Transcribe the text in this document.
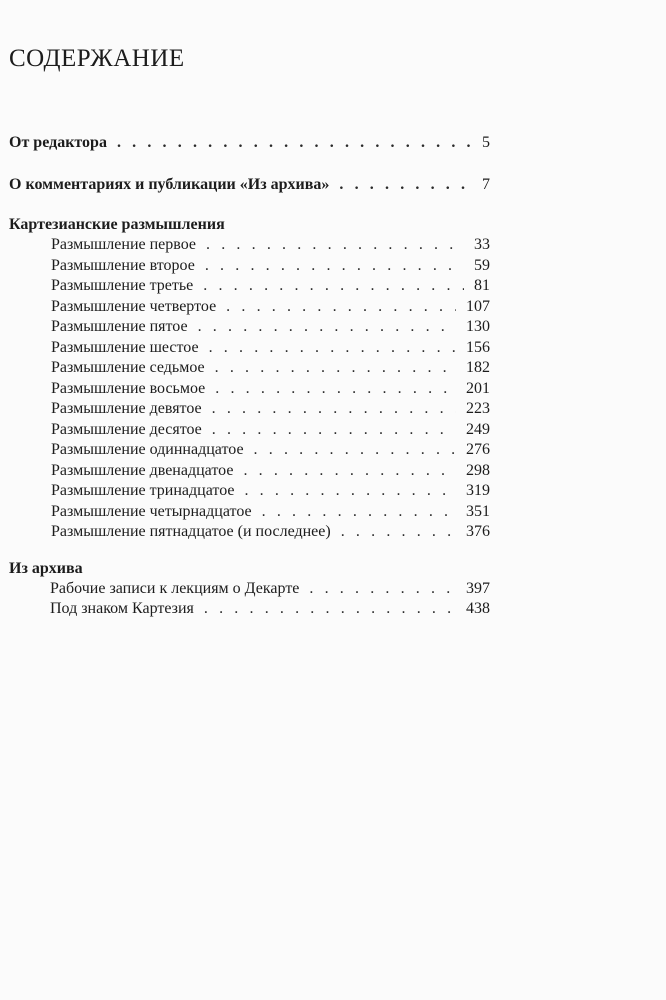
СОДЕРЖАНИЕ
От редактора . . .	5
О комментариях и публикации «Из архива» . . .	7
Картезианские размышления
Размышление первое . . .	33
Размышление второе . . .	59
Размышление третье . . .	81
Размышление четвертое . . .	107
Размышление пятое . . .	130
Размышление шестое . . .	156
Размышление седьмое . . .	182
Размышление восьмое . . .	201
Размышление девятое . . .	223
Размышление десятое . . .	249
Размышление одиннадцатое . . .	276
Размышление двенадцатое . . .	298
Размышление тринадцатое . . .	319
Размышление четырнадцатое . . .	351
Размышление пятнадцатое (и последнее) . . .	376
Из архива
Рабочие записи к лекциям о Декарте . . .	397
Под знаком Картезия . . .	438
